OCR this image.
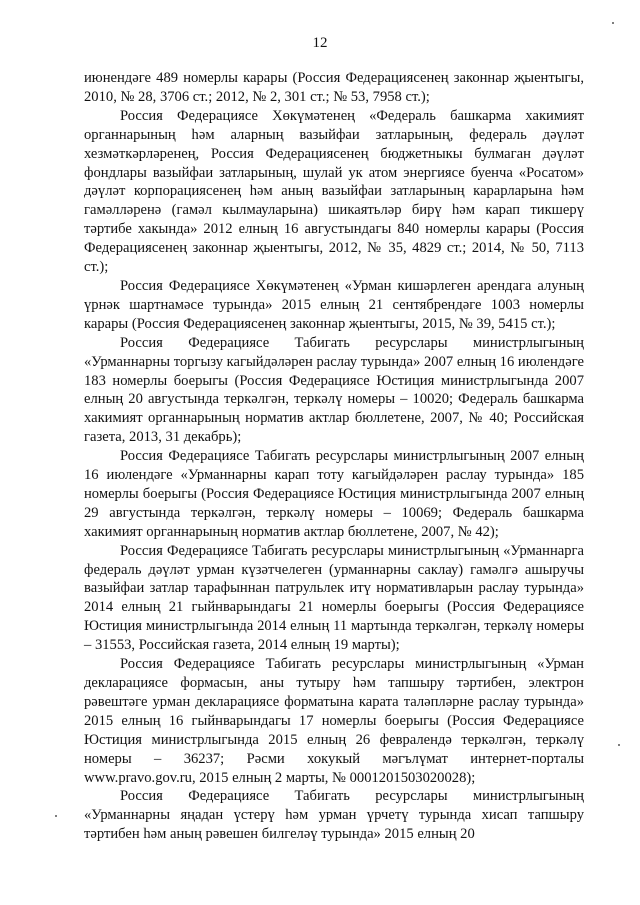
12

июнендәге 489 номерлы карары (Россия Федерациясенең законнар җыентыгы, 2010, № 28, 3706 ст.; 2012, № 2, 301 ст.; № 53, 7958 ст.);

Россия Федерациясе Хөкүмәтенең «Федераль башкарма хакимият органнарының һәм аларның вазыйфаи затларының, федераль дәүләт хезмәткәрләренең, Россия Федерациясенең бюджетныкы булмаган дәүләт фондлары вазыйфаи затларының, шулай ук атом энергиясе буенча «Росатом» дәүләт корпорациясенең һәм аның вазыйфаи затларының карарларына һәм гамәлләренә (гамәл кылмауларына) шикаятьләр бирү һәм карап тикшерү тәртибе хакында» 2012 елның 16 августындагы 840 номерлы карары (Россия Федерациясенең законнар җыентыгы, 2012, № 35, 4829 ст.; 2014, № 50, 7113 ст.);

Россия Федерациясе Хөкүмәтенең «Урман кишәрлеген арендага алуның үрнәк шартнамәсе турында» 2015 елның 21 сентябрендәге 1003 номерлы карары (Россия Федерациясенең законнар җыентыгы, 2015, № 39, 5415 ст.);

Россия Федерациясе Табигать ресурслары министрлыгының «Урманнарны торгызу кагыйдәләрен раслау турында» 2007 елның 16 июлендәге 183 номерлы боерыгы (Россия Федерациясе Юстиция министрлыгында 2007 елның 20 августында теркәлгән, теркәлү номеры – 10020; Федераль башкарма хакимият органнарының норматив актлар бюллетене, 2007, № 40; Российская газета, 2013, 31 декабрь);

Россия Федерациясе Табигать ресурслары министрлыгының 2007 елның 16 июлендәге «Урманнарны карап тоту кагыйдәләрен раслау турында» 185 номерлы боерыгы (Россия Федерациясе Юстиция министрлыгында 2007 елның 29 августында теркәлгән, теркәлү номеры – 10069; Федераль башкарма хакимият органнарының норматив актлар бюллетене, 2007, № 42);

Россия Федерациясе Табигать ресурслары министрлыгының «Урманнарга федераль дәүләт урман күзәтчелеген (урманнарны саклау) гамәлгә ашыручы вазыйфаи затлар тарафыннан патрульлек итү нормативларын раслау турында» 2014 елның 21 гыйнварындагы 21 номерлы боерыгы (Россия Федерациясе Юстиция министрлыгында 2014 елның 11 мартында теркәлгән, теркәлү номеры – 31553, Российская газета, 2014 елның 19 марты);

Россия Федерациясе Табигать ресурслары министрлыгының «Урман декларациясе формасын, аны тутыру һәм тапшыру тәртибен, электрон рәвештәге урман декларациясе форматына карата таләпләрне раслау турында» 2015 елның 16 гыйнварындагы 17 номерлы боерыгы (Россия Федерациясе Юстиция министрлыгында 2015 елның 26 февралендә теркәлгән, теркәлү номеры – 36237; Рәсми хокукый мәгълүмат интернет-порталы www.pravo.gov.ru, 2015 елның 2 марты, № 0001201503020028);

Россия Федерациясе Табигать ресурслары министрлыгының «Урманнарны яңадан үстерү һәм урман үрчетү турында хисап тапшыру тәртибен һәм аның рәвешен билгеләү турында» 2015 елның 20
